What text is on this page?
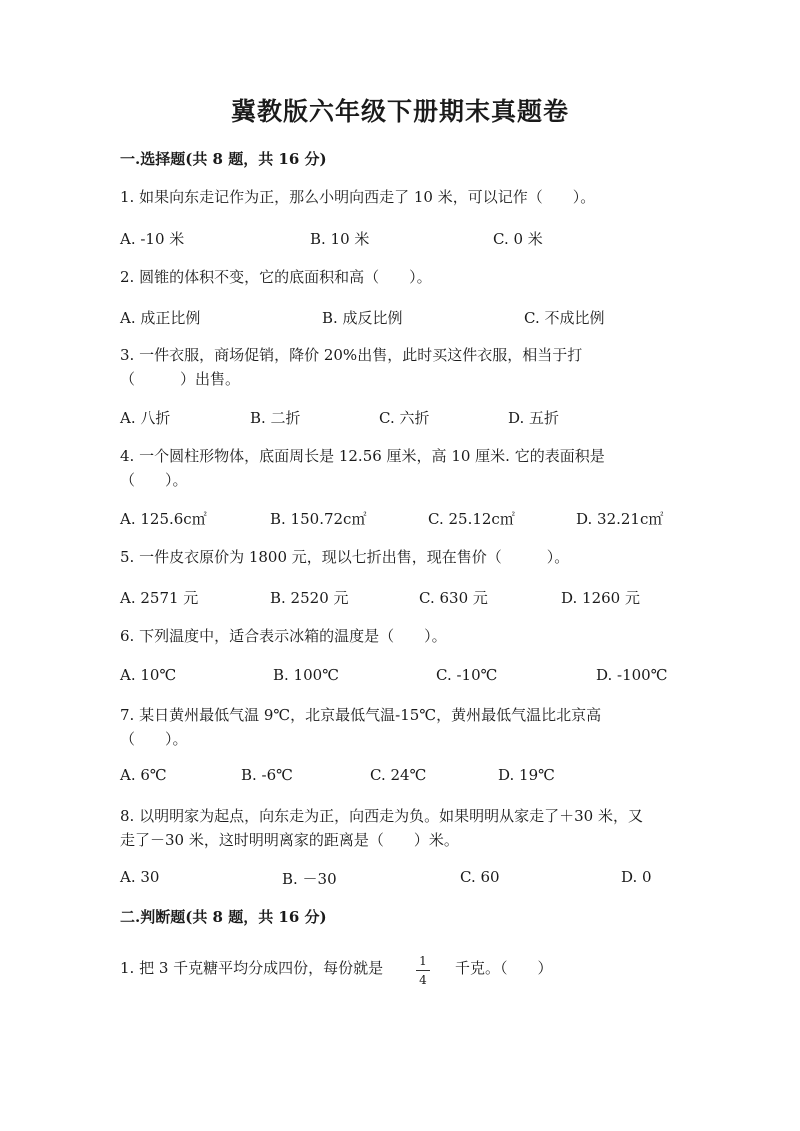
冀教版六年级下册期末真题卷
一.选择题(共 8 题，共 16 分)
1. 如果向东走记作为正，那么小明向西走了 10 米，可以记作（　　）。
A. -10 米	B. 10 米	C. 0 米
2. 圆锥的体积不变，它的底面积和高（　　）。
A. 成正比例	B. 成反比例	C. 不成比例
3. 一件衣服，商场促销，降价 20%出售，此时买这件衣服，相当于打
（　　　）出售。
A. 八折	B. 二折	C. 六折	D. 五折
4. 一个圆柱形物体，底面周长是 12.56 厘米，高 10 厘米. 它的表面积是
（　　）。
A. 125.6c㎡	B. 150.72c㎡	C. 25.12c㎡	D. 32.21c㎡
5. 一件皮衣原价为 1800 元，现以七折出售，现在售价（　　　）。
A. 2571 元	B. 2520 元	C. 630 元	D. 1260 元
6. 下列温度中，适合表示冰箱的温度是（　　）。
A. 10℃	B. 100℃	C. -10℃	D. -100℃
7. 某日黄州最低气温 9℃，北京最低气温-15℃，黄州最低气温比北京高
（　　）。
A. 6℃	B. -6℃	C. 24℃	D. 19℃
8. 以明明家为起点，向东走为正，向西走为负。如果明明从家走了＋30 米，又
走了－30 米，这时明明离家的距离是（　　）米。
A. 30	B. －30	C. 60	D. 0
二.判断题(共 8 题，共 16 分)
1. 把 3 千克糖平均分成四份，每份就是	1
4
千克。（　　）
